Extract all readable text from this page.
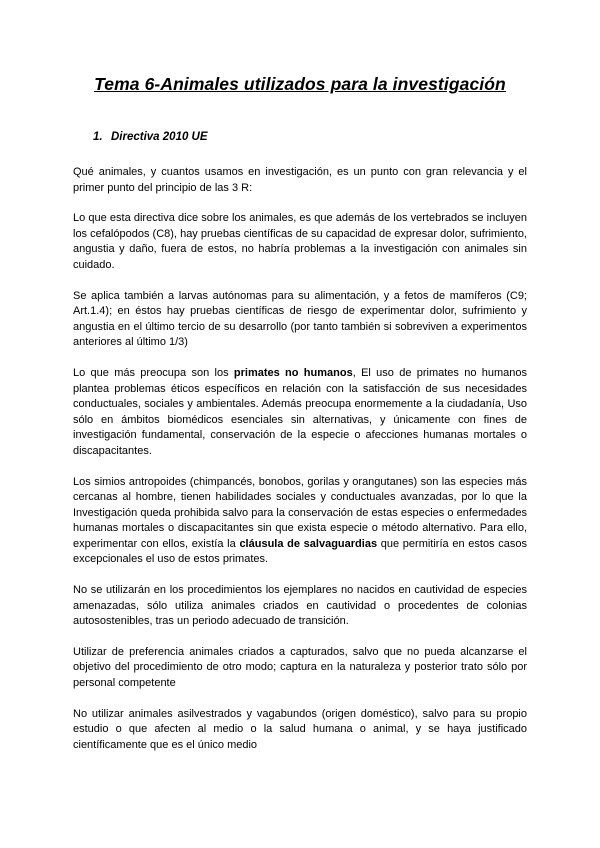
Tema 6-Animales utilizados para la investigación
1. Directiva 2010 UE

Qué animales, y cuantos usamos en investigación, es un punto con gran relevancia y el primer punto del principio de las 3 R:

Lo que esta directiva dice sobre los animales, es que además de los vertebrados se incluyen los cefalópodos (C8), hay pruebas científicas de su capacidad de expresar dolor, sufrimiento, angustia y daño, fuera de estos, no habría problemas a la investigación con animales sin cuidado.

Se aplica también a larvas autónomas para su alimentación, y a fetos de mamíferos (C9; Art.1.4); en éstos hay pruebas científicas de riesgo de experimentar dolor, sufrimiento y angustia en el último tercio de su desarrollo (por tanto también si sobreviven a experimentos anteriores al último 1/3)

Lo que más preocupa son los primates no humanos, El uso de primates no humanos plantea problemas éticos específicos en relación con la satisfacción de sus necesidades conductuales, sociales y ambientales. Además preocupa enormemente a la ciudadanía, Uso sólo en ámbitos biomédicos esenciales sin alternativas, y únicamente con fines de investigación fundamental, conservación de la especie o afecciones humanas mortales o discapacitantes.

Los simios antropoides (chimpancés, bonobos, gorilas y orangutanes) son las especies más cercanas al hombre, tienen habilidades sociales y conductuales avanzadas, por lo que la Investigación queda prohibida salvo para la conservación de estas especies o enfermedades humanas mortales o discapacitantes sin que exista especie o método alternativo. Para ello, experimentar con ellos, existía la cláusula de salvaguardias que permitiría en estos casos excepcionales el uso de estos primates.

No se utilizarán en los procedimientos los ejemplares no nacidos en cautividad de especies amenazadas, sólo utiliza animales criados en cautividad o procedentes de colonias autosostenibles, tras un periodo adecuado de transición.

Utilizar de preferencia animales criados a capturados, salvo que no pueda alcanzarse el objetivo del procedimiento de otro modo; captura en la naturaleza y posterior trato sólo por personal competente

No utilizar animales asilvestrados y vagabundos (origen doméstico), salvo para su propio estudio o que afecten al medio o la salud humana o animal, y se haya justificado científicamente que es el único medio
